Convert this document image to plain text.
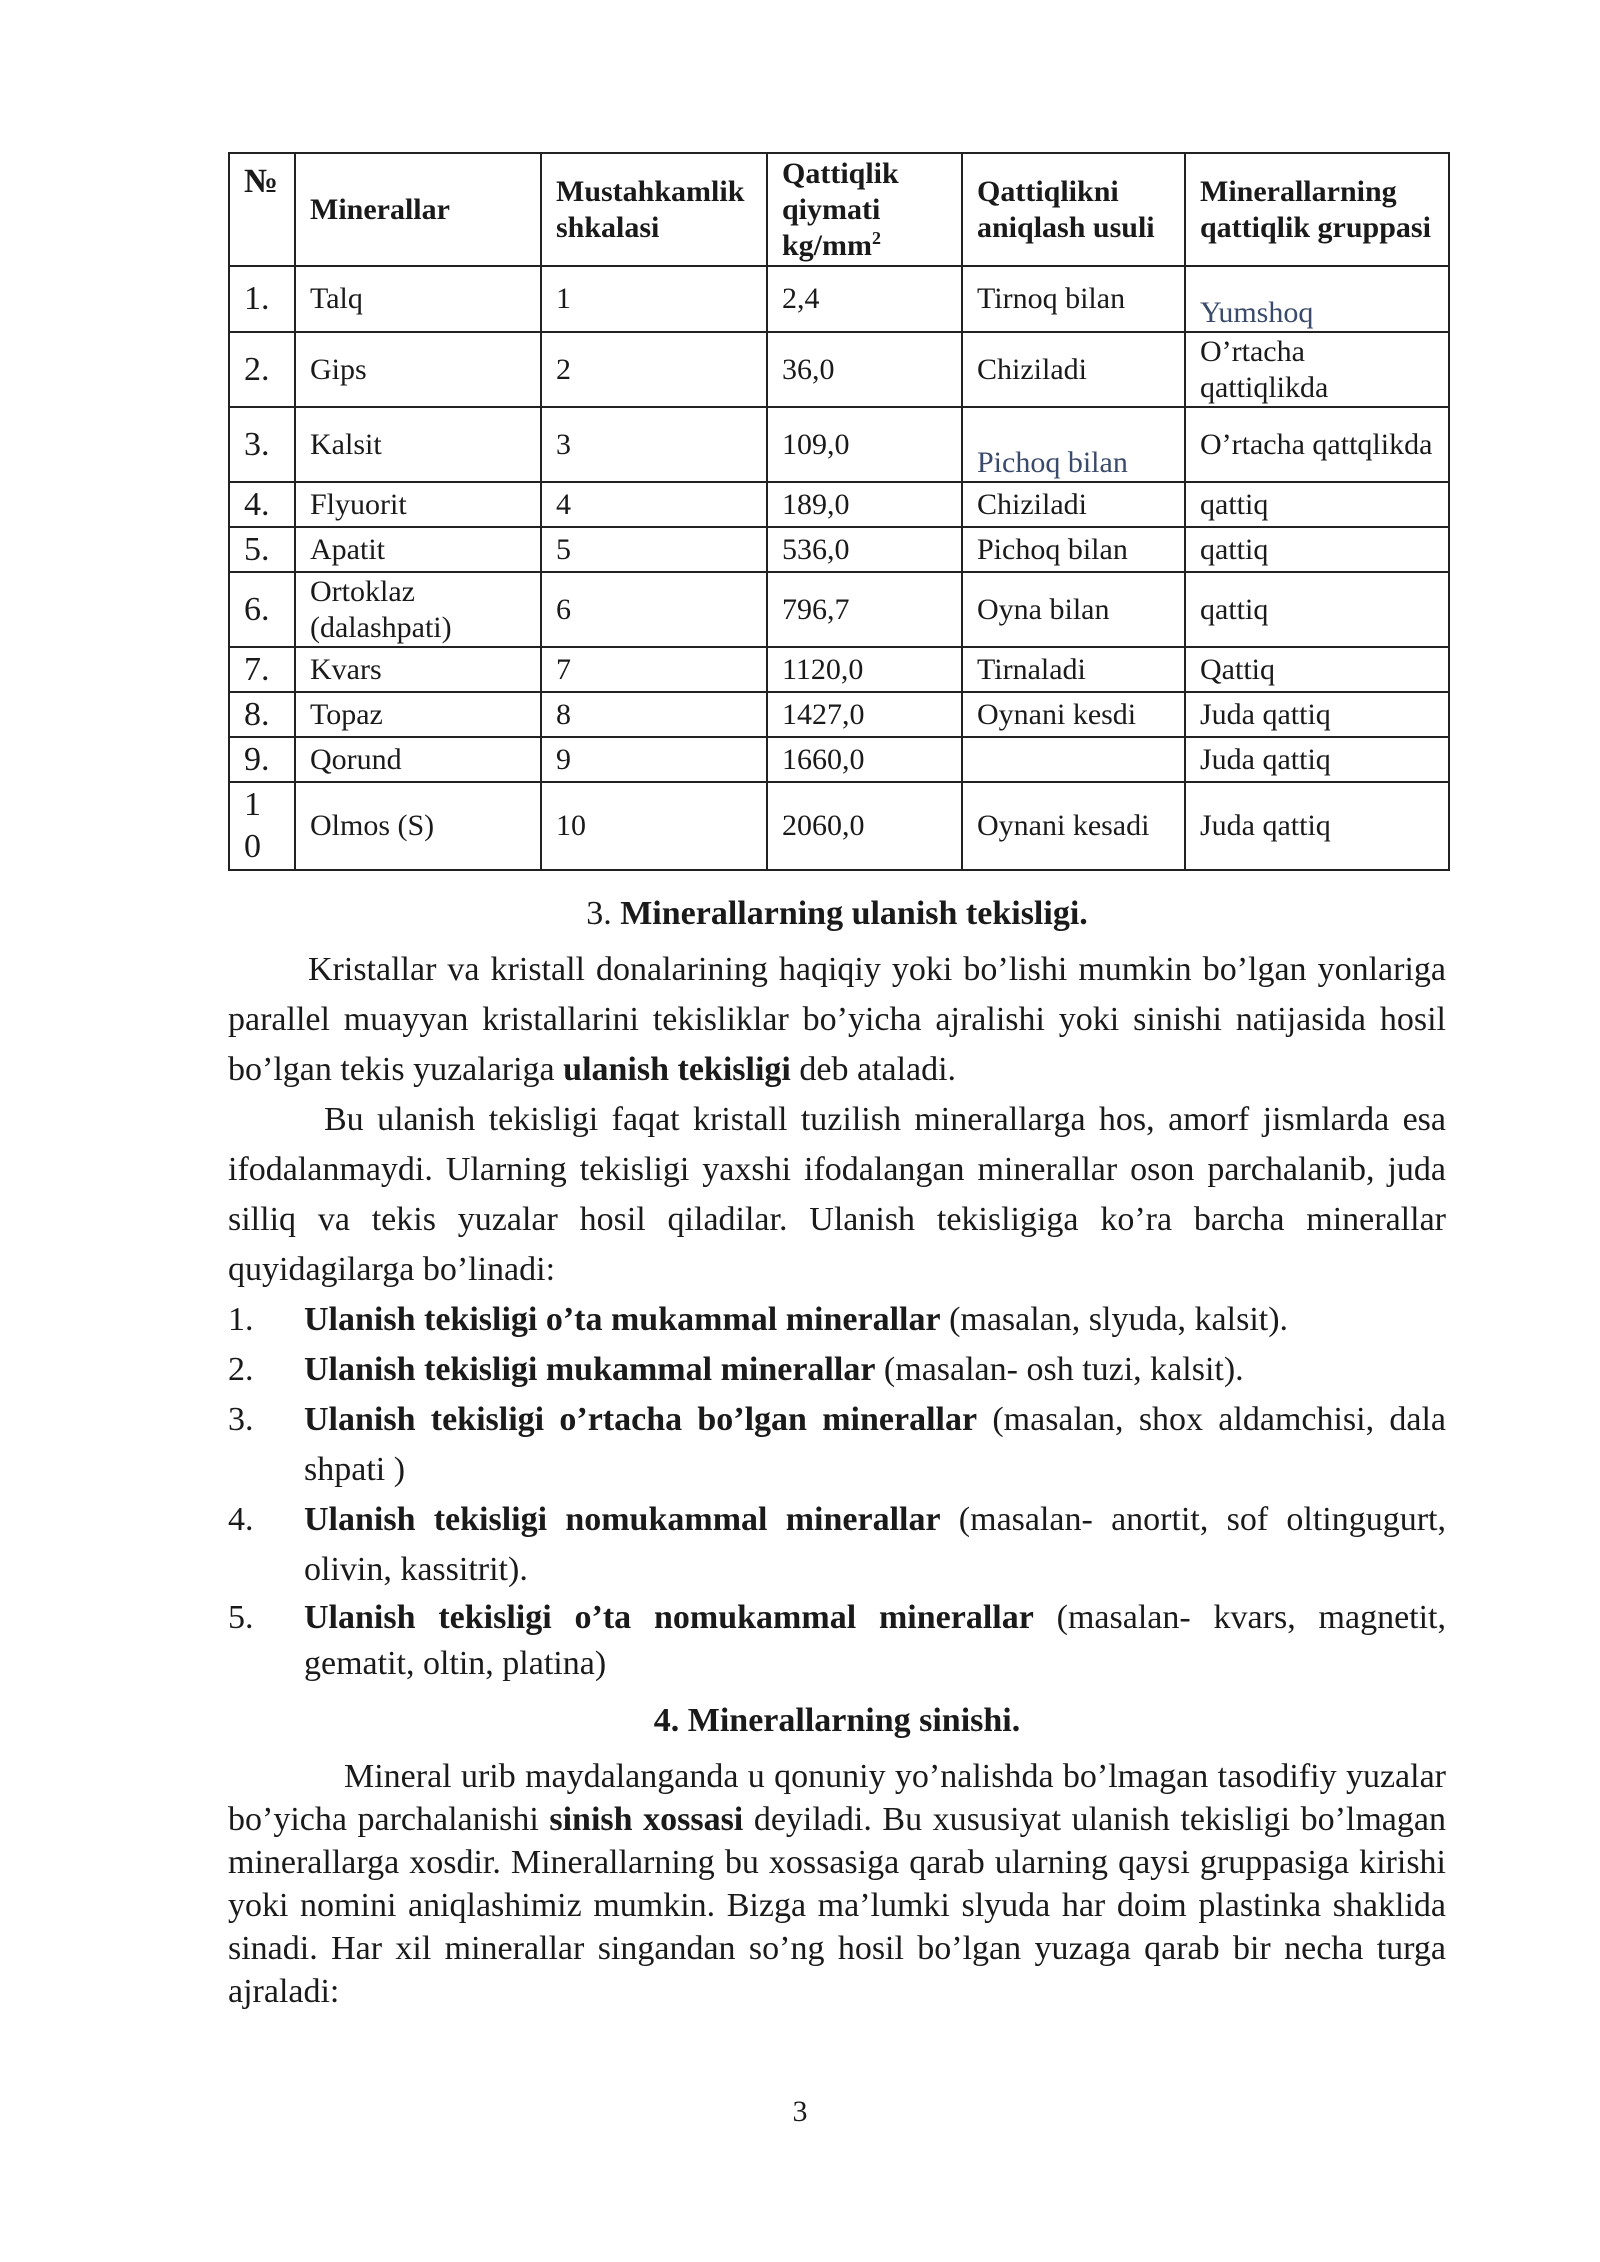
№	Minerallar	Mustahkamlik shkalasi	Qattiqlik qiymati $kg/mm^2$	Qattiqlikni aniqlash usuli	Minerallarning qattiqlik gruppasi
1.	Talq	1	2,4	Tirnoq bilan	Yumshoq
2.	Gips	2	36,0	Chiziladi	O’rtacha qattiqlikda
3.	Kalsit	3	109,0	Pichoq bilan	O’rtacha qattqlikda
4.	Flyuorit	4	189,0	Chiziladi	qattiq
5.	Apatit	5	536,0	Pichoq bilan	qattiq
6.	Ortoklaz (dalashpati)	6	796,7	Oyna bilan	qattiq
7.	Kvars	7	1120,0	Tirnaladi	Qattiq
8.	Topaz	8	1427,0	Oynani kesdi	Juda qattiq
9.	Qorund	9	1660,0		Juda qattiq
10	Olmos (S)	10	2060,0	Oynani kesadi	Juda qattiq
3. Minerallarning ulanish tekisligi.

Kristallar va kristall donalarining haqiqiy yoki bo’lishi mumkin bo’lgan yonlariga parallel muayyan kristallarini tekisliklar bo’yicha ajralishi yoki sinishi natijasida hosil bo’lgan tekis yuzalariga ulanish tekisligi deb ataladi.

Bu ulanish tekisligi faqat kristall tuzilish minerallarga hos, amorf jismlarda esa ifodalanmaydi. Ularning tekisligi yaxshi ifodalangan minerallar oson parchalanib, juda silliq va tekis yuzalar hosil qiladilar. Ulanish tekisligiga ko’ra barcha minerallar quyidagilarga bo’linadi:

1. Ulanish tekisligi o’ta mukammal minerallar (masalan, slyuda, kalsit).
2. Ulanish tekisligi mukammal minerallar (masalan- osh tuzi, kalsit).
3. Ulanish tekisligi o’rtacha bo’lgan minerallar (masalan, shox aldamchisi, dala shpati )
4. Ulanish tekisligi nomukammal minerallar (masalan- anortit, sof oltingugurt, olivin, kassitrit).
5. Ulanish tekisligi o’ta nomukammal minerallar (masalan- kvars, magnetit, gematit, oltin, platina)
4. Minerallarning sinishi.

Mineral urib maydalanganda u qonuniy yo’nalishda bo’lmagan tasodifiy yuzalar bo’yicha parchalanishi sinish xossasi deyiladi. Bu xususiyat ulanish tekisligi bo’lmagan minerallarga xosdir. Minerallarning bu xossasiga qarab ularning qaysi gruppasiga kirishi yoki nomini aniqlashimiz mumkin. Bizga ma’lumki slyuda har doim plastinka shaklida sinadi. Har xil minerallar singandan so’ng hosil bo’lgan yuzaga qarab bir necha turga ajraladi:

3
